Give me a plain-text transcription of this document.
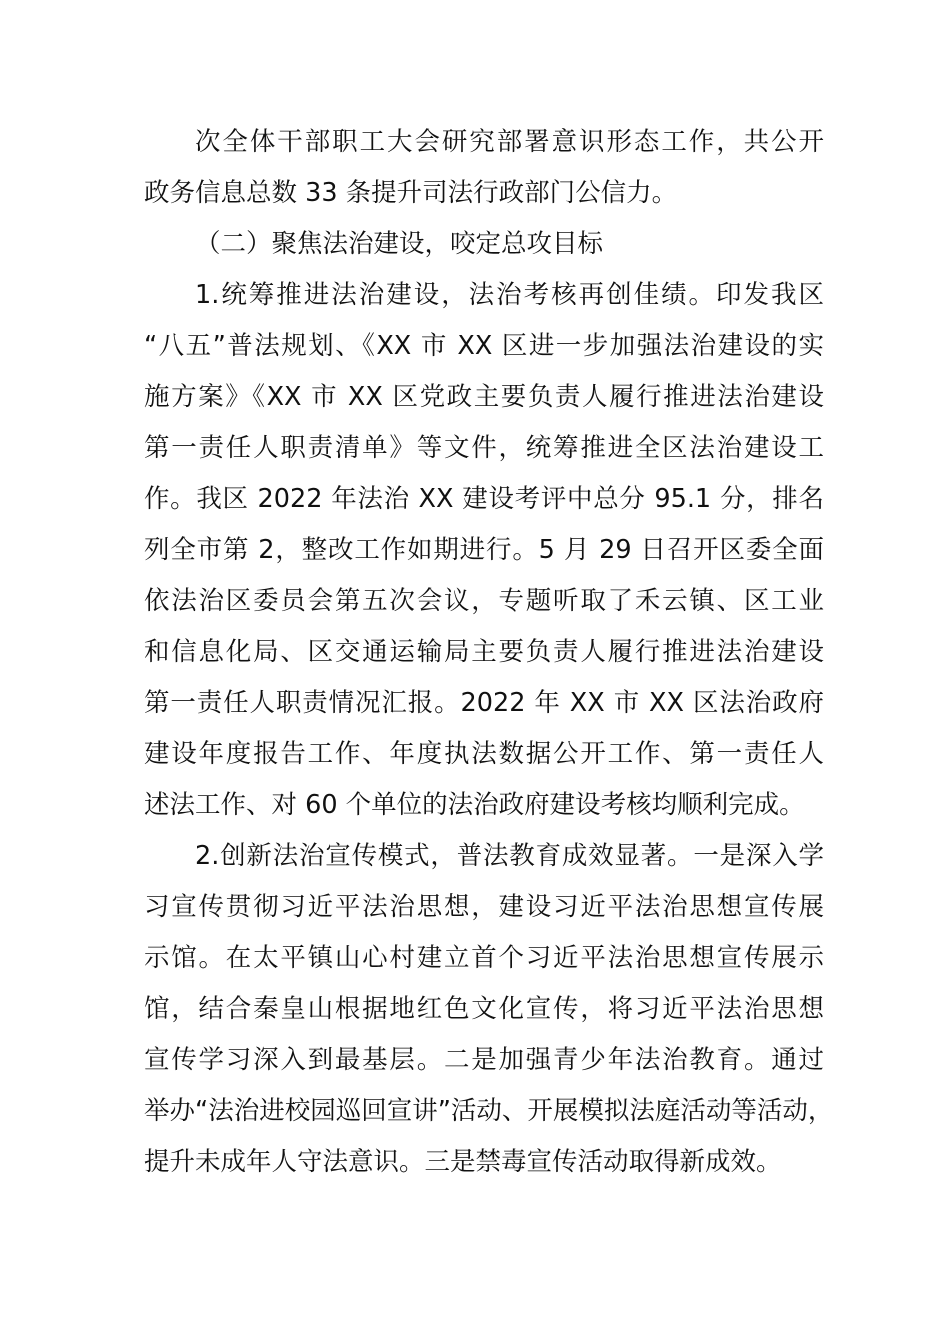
次全体干部职工大会研究部署意识形态工作，共公开
政务信息总数 33 条提升司法行政部门公信力。
（二）聚焦法治建设，咬定总攻目标
1.统筹推进法治建设，法治考核再创佳绩。印发我区
“八五”普法规划、《XX 市 XX 区进一步加强法治建设的实
施方案》《XX 市 XX 区党政主要负责人履行推进法治建设
第一责任人职责清单》等文件，统筹推进全区法治建设工
作。我区 2022 年法治 XX 建设考评中总分 95.1 分，排名
列全市第 2，整改工作如期进行。5 月 29 日召开区委全面
依法治区委员会第五次会议，专题听取了禾云镇、区工业
和信息化局、区交通运输局主要负责人履行推进法治建设
第一责任人职责情况汇报。2022 年 XX 市 XX 区法治政府
建设年度报告工作、年度执法数据公开工作、第一责任人
述法工作、对 60 个单位的法治政府建设考核均顺利完成。
2.创新法治宣传模式，普法教育成效显著。一是深入学
习宣传贯彻习近平法治思想，建设习近平法治思想宣传展
示馆。在太平镇山心村建立首个习近平法治思想宣传展示
馆，结合秦皇山根据地红色文化宣传，将习近平法治思想
宣传学习深入到最基层。二是加强青少年法治教育。通过
举办“法治进校园巡回宣讲”活动、开展模拟法庭活动等活动，
提升未成年人守法意识。三是禁毒宣传活动取得新成效。
